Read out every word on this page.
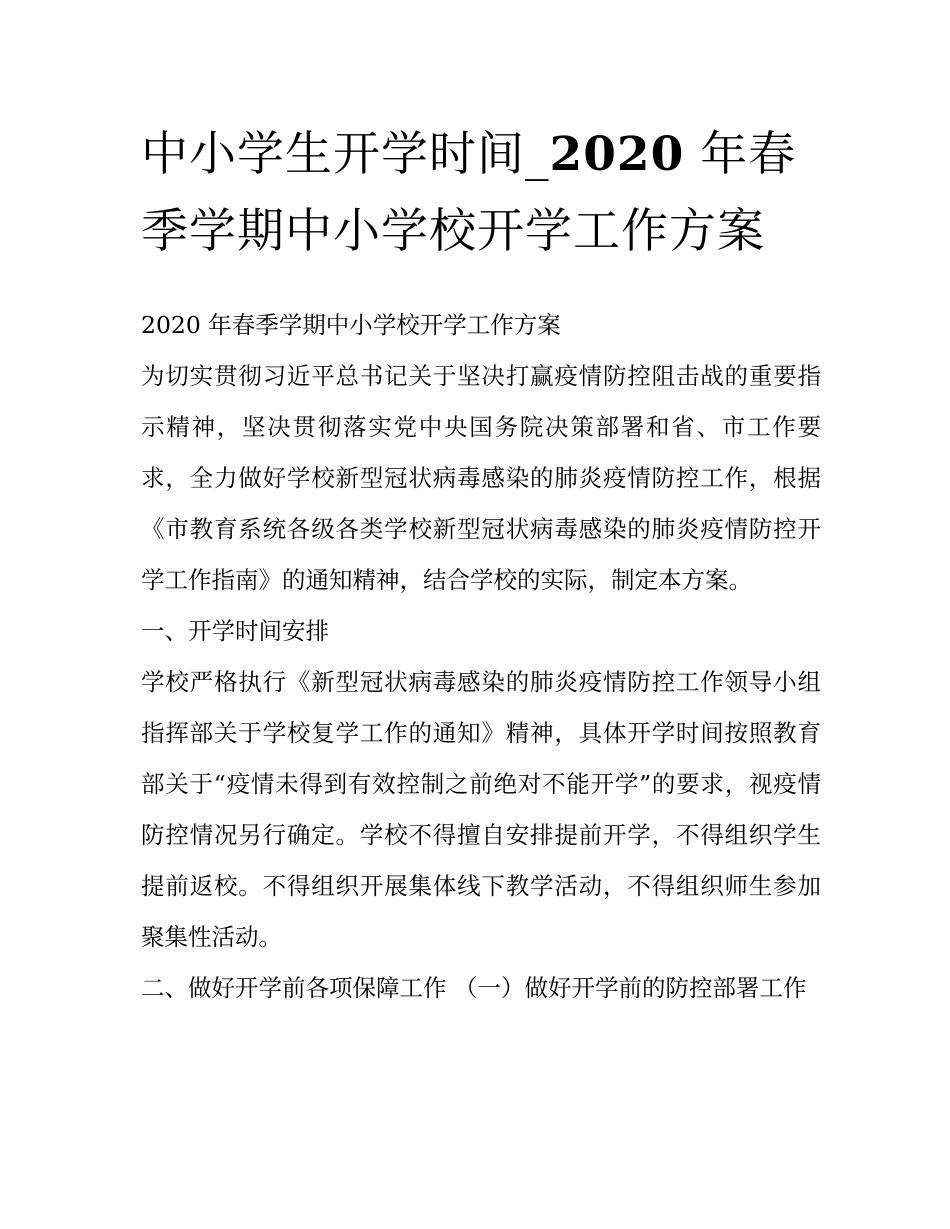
中小学生开学时间_2020 年春季学期中小学校开学工作方案

2020 年春季学期中小学校开学工作方案

为切实贯彻习近平总书记关于坚决打赢疫情防控阻击战的重要指示精神，坚决贯彻落实党中央国务院决策部署和省、市工作要求，全力做好学校新型冠状病毒感染的肺炎疫情防控工作，根据《市教育系统各级各类学校新型冠状病毒感染的肺炎疫情防控开学工作指南》的通知精神，结合学校的实际，制定本方案。

一、开学时间安排

学校严格执行《新型冠状病毒感染的肺炎疫情防控工作领导小组指挥部关于学校复学工作的通知》精神，具体开学时间按照教育部关于“疫情未得到有效控制之前绝对不能开学”的要求，视疫情防控情况另行确定。学校不得擅自安排提前开学，不得组织学生提前返校。不得组织开展集体线下教学活动，不得组织师生参加聚集性活动。

二、做好开学前各项保障工作 （一）做好开学前的防控部署工作
